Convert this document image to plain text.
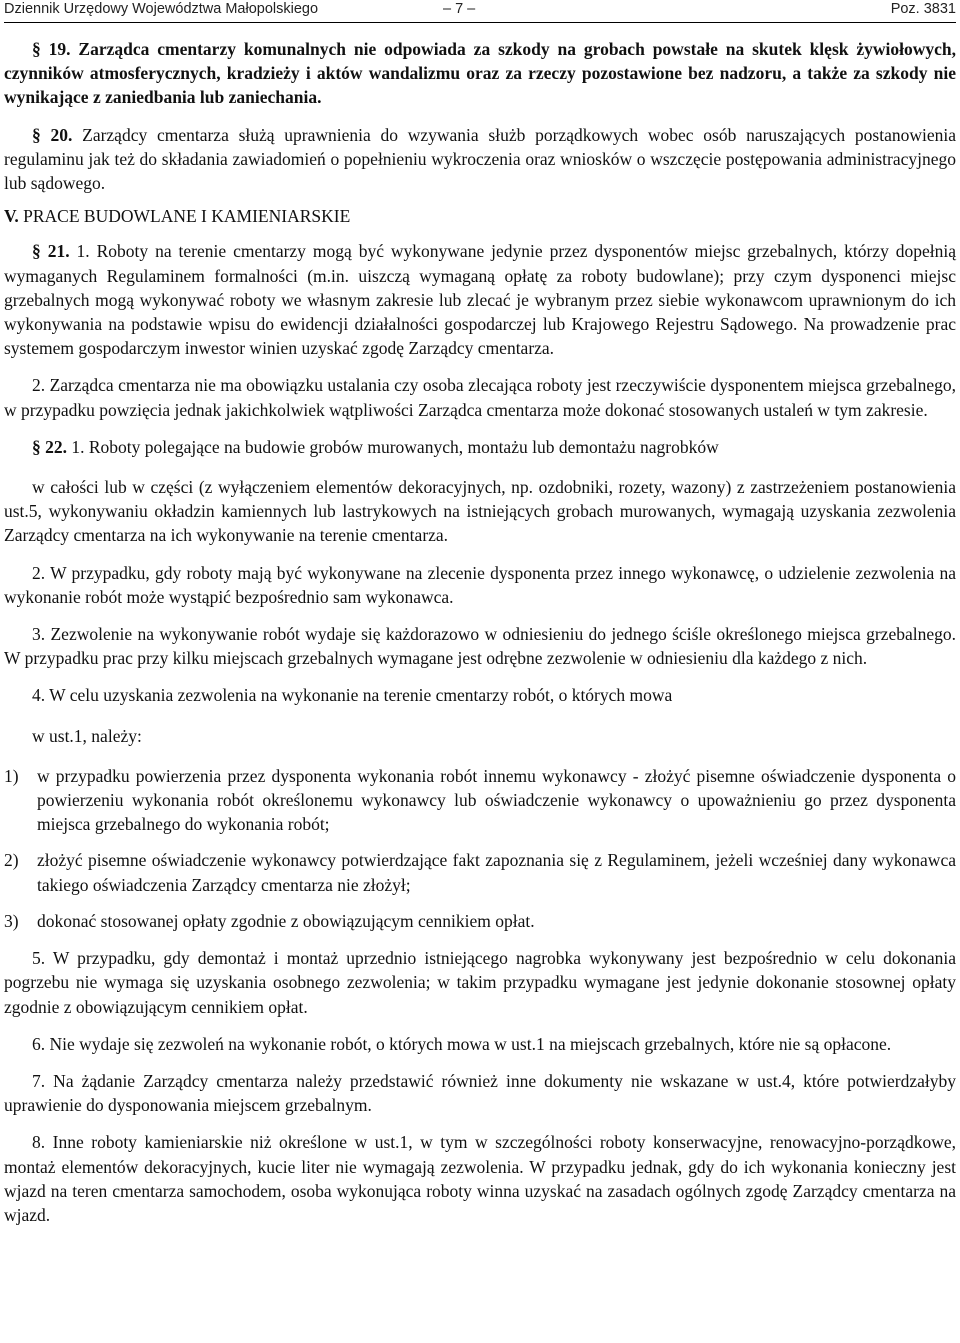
Dziennik Urzędowy Województwa Małopolskiego	– 7 –	Poz. 3831

§ 19. Zarządca cmentarzy komunalnych nie odpowiada za szkody na grobach powstałe na skutek klęsk żywiołowych, czynników atmosferycznych, kradzieży i aktów wandalizmu oraz za rzeczy pozostawione bez nadzoru, a także za szkody nie wynikające z zaniedbania lub zaniechania.

§ 20. Zarządcy cmentarza służą uprawnienia do wzywania służb porządkowych wobec osób naruszających postanowienia regulaminu jak też do składania zawiadomień o popełnieniu wykroczenia oraz wniosków o wszczęcie postępowania administracyjnego lub sądowego.

V. PRACE BUDOWLANE I KAMIENIARSKIE

§ 21. 1. Roboty na terenie cmentarzy mogą być wykonywane jedynie przez dysponentów miejsc grzebalnych, którzy dopełnią wymaganych Regulaminem formalności (m.in. uiszczą wymaganą opłatę za roboty budowlane); przy czym dysponenci miejsc grzebalnych mogą wykonywać roboty we własnym zakresie lub zlecać je wybranym przez siebie wykonawcom uprawnionym do ich wykonywania na podstawie wpisu do ewidencji działalności gospodarczej lub Krajowego Rejestru Sądowego. Na prowadzenie prac systemem gospodarczym inwestor winien uzyskać zgodę Zarządcy cmentarza.

2. Zarządca cmentarza nie ma obowiązku ustalania czy osoba zlecająca roboty jest rzeczywiście dysponentem miejsca grzebalnego, w przypadku powzięcia jednak jakichkolwiek wątpliwości Zarządca cmentarza może dokonać stosowanych ustaleń w tym zakresie.

§ 22. 1. Roboty polegające na budowie grobów murowanych, montażu lub demontażu nagrobków

w całości lub w części (z wyłączeniem elementów dekoracyjnych, np. ozdobniki, rozety, wazony) z zastrzeżeniem postanowienia ust.5, wykonywaniu okładzin kamiennych lub lastrykowych na istniejących grobach murowanych, wymagają uzyskania zezwolenia Zarządcy cmentarza na ich wykonywanie na terenie cmentarza.

2. W przypadku, gdy roboty mają być wykonywane na zlecenie dysponenta przez innego wykonawcę, o udzielenie zezwolenia na wykonanie robót może wystąpić bezpośrednio sam wykonawca.

3. Zezwolenie na wykonywanie robót wydaje się każdorazowo w odniesieniu do jednego ściśle określonego miejsca grzebalnego. W przypadku prac przy kilku miejscach grzebalnych wymagane jest odrębne zezwolenie w odniesieniu dla każdego z nich.

4. W celu uzyskania zezwolenia na wykonanie na terenie cmentarzy robót, o których mowa

w ust.1, należy:

1)	w przypadku powierzenia przez dysponenta wykonania robót innemu wykonawcy - złożyć pisemne oświadczenie dysponenta o powierzeniu wykonania robót określonemu wykonawcy lub oświadczenie wykonawcy o upoważnieniu go przez dysponenta miejsca grzebalnego do wykonania robót;
2)	złożyć pisemne oświadczenie wykonawcy potwierdzające fakt zapoznania się z Regulaminem, jeżeli wcześniej dany wykonawca takiego oświadczenia Zarządcy cmentarza nie złożył;
3)	dokonać stosowanej opłaty zgodnie z obowiązującym cennikiem opłat.

5. W przypadku, gdy demontaż i montaż uprzednio istniejącego nagrobka wykonywany jest bezpośrednio w celu dokonania pogrzebu nie wymaga się uzyskania osobnego zezwolenia; w takim przypadku wymagane jest jedynie dokonanie stosownej opłaty zgodnie z obowiązującym cennikiem opłat.

6. Nie wydaje się zezwoleń na wykonanie robót, o których mowa w ust.1 na miejscach grzebalnych, które nie są opłacone.

7. Na żądanie Zarządcy cmentarza należy przedstawić również inne dokumenty nie wskazane w ust.4, które potwierdzałyby uprawienie do dysponowania miejscem grzebalnym.

8. Inne roboty kamieniarskie niż określone w ust.1, w tym w szczególności roboty konserwacyjne, renowacyjno-porządkowe, montaż elementów dekoracyjnych, kucie liter nie wymagają zezwolenia. W przypadku jednak, gdy do ich wykonania konieczny jest wjazd na teren cmentarza samochodem, osoba wykonująca roboty winna uzyskać na zasadach ogólnych zgodę Zarządcy cmentarza na wjazd.
